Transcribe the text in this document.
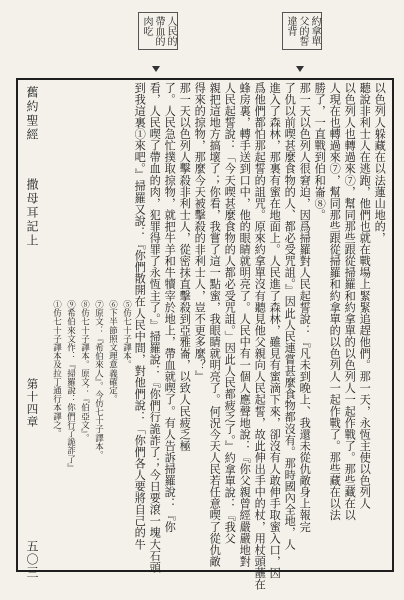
人民的
帶血的
肉吃	約拿單
父的誓
違背
舊約聖經
撒母耳記上
第十四章
五〇三
以色列人躲藏在以法蓮山地的，
聽說非利士人在逃跑，他們也就在戰場上緊緊追趕他們。那一天，永恆主使以色列人
以色列人也轉過來⑦，幫同那些跟從掃羅和約拿單的以色列人一起作戰了。那些藏在以
人現在也轉過來⑦，幫同那些跟從掃羅和約拿單的以色列人一起作戰了。那些藏在以法
勝了，一直戰到伯和崙⑧。
那一天以色列人很窘迫，因爲掃羅對人民起誓說：『凡未到晚上、我還未從仇敵身上報完
了仇以前喫甚麼食物的人、都必受咒詛。』因此人民連嘗甚麼食物都沒有。那時國內全地，人
進入了森林，那裏有蜜在地面上。人民進了森林，雖見有蜜滴下來，卻沒有人敢伸手取蜜入口，因
爲他們都怕那起誓的詛咒。原來約拿單沒有聽見他父親向人民起誓，故此伸出手中的杖，用杖頭蘸在
蜂房裏，轉手送到口中，他的眼睛就明亮了。人民中有一個人應聲地說：『你父親曾經嚴嚴地對
人民起誓說：「今天喫甚麼食物的人都必受咒詛。」因此人民都疲乏了。』約拿單說：『我父
親把這地方搞壞了；你看，我嘗了這一點蜜，我眼睛就明亮了。何況今天人民若任意喫了從仇敵
得來的掠物，那麼今天被擊殺的非利士人，豈不更多麼？』
那一天以色列人擊殺非利士人，從密抹直擊殺到亞雅崙，以致人民疲乏極
了。人民急忙撲取掠物，就把牛羊和牛犢宰於地上，帶血就喫了。有人告訴掃羅說：『你
看，人民喫了帶血的肉，犯罪得罪了永恆主了。』掃羅說：『你們行詭詐了；今日要滾一塊大石頭
到我這裏①來吧。』掃羅又說：『你們散開在人民中間，對他們說：「你們各人要將自己的牛
⑤仿七十子譯本。
⑥下半節照文理意義確定。
⑦原文：『希伯來人』。今仿七十子譯本。
⑧仿七十子譯本。原文：『伯亞文』。
⑨希伯來文作：『掃羅說：你們行了詭詐了』
①仿七十子譯本及拉丁通行本譯之。
